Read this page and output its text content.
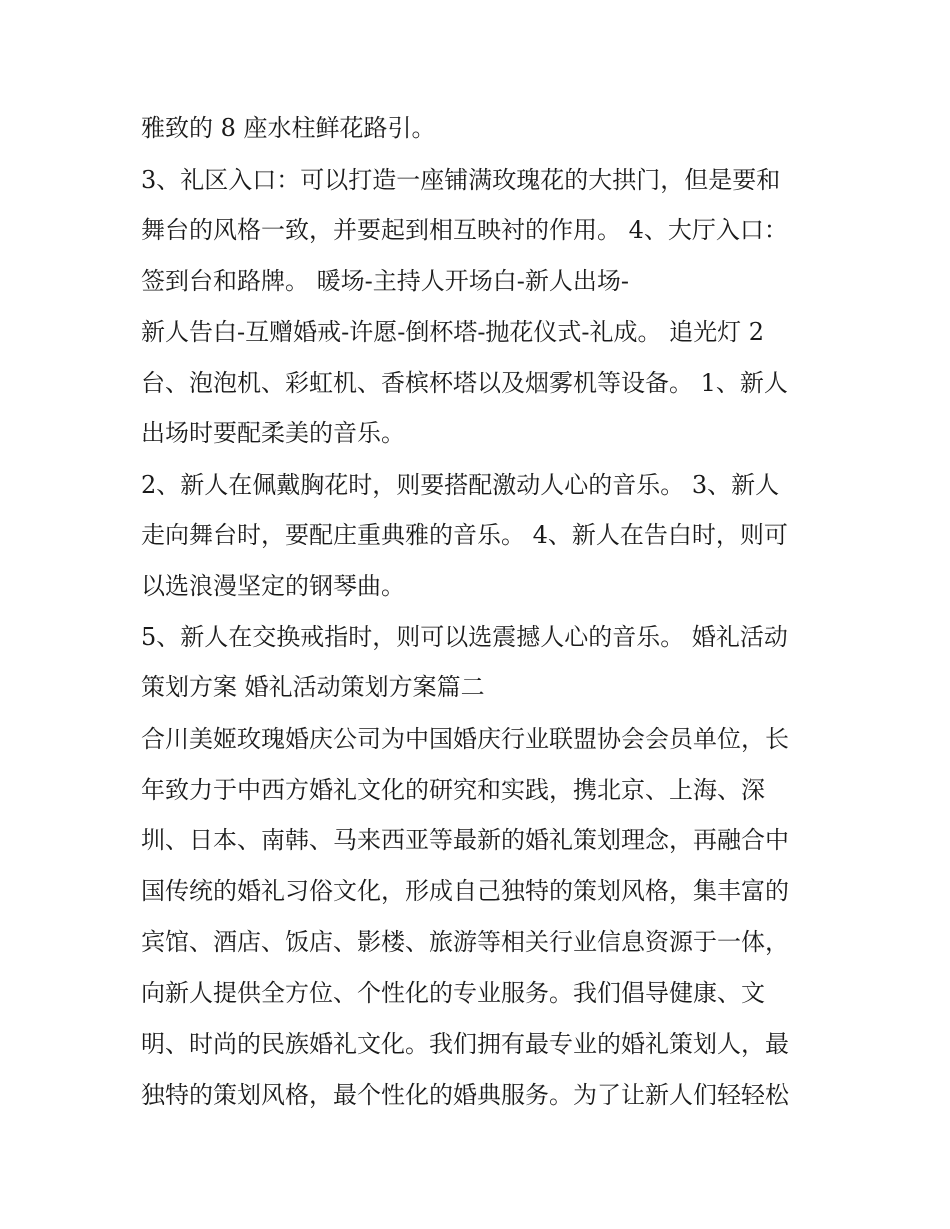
雅致的 8 座水柱鲜花路引。
3、礼区入口：可以打造一座铺满玫瑰花的大拱门，但是要和
舞台的风格一致，并要起到相互映衬的作用。 4、大厅入口：
签到台和路牌。 暖场-主持人开场白-新人出场-
新人告白-互赠婚戒-许愿-倒杯塔-抛花仪式-礼成。 追光灯 2
台、泡泡机、彩虹机、香槟杯塔以及烟雾机等设备。 1、新人
出场时要配柔美的音乐。
2、新人在佩戴胸花时，则要搭配激动人心的音乐。 3、新人
走向舞台时，要配庄重典雅的音乐。 4、新人在告白时，则可
以选浪漫坚定的钢琴曲。
5、新人在交换戒指时，则可以选震撼人心的音乐。 婚礼活动
策划方案 婚礼活动策划方案篇二
合川美姬玫瑰婚庆公司为中国婚庆行业联盟协会会员单位，长
年致力于中西方婚礼文化的研究和实践，携北京、上海、深
圳、日本、南韩、马来西亚等最新的婚礼策划理念，再融合中
国传统的婚礼习俗文化，形成自己独特的策划风格，集丰富的
宾馆、酒店、饭店、影楼、旅游等相关行业信息资源于一体，
向新人提供全方位、个性化的专业服务。我们倡导健康、文
明、时尚的民族婚礼文化。我们拥有最专业的婚礼策划人，最
独特的策划风格，最个性化的婚典服务。为了让新人们轻轻松
